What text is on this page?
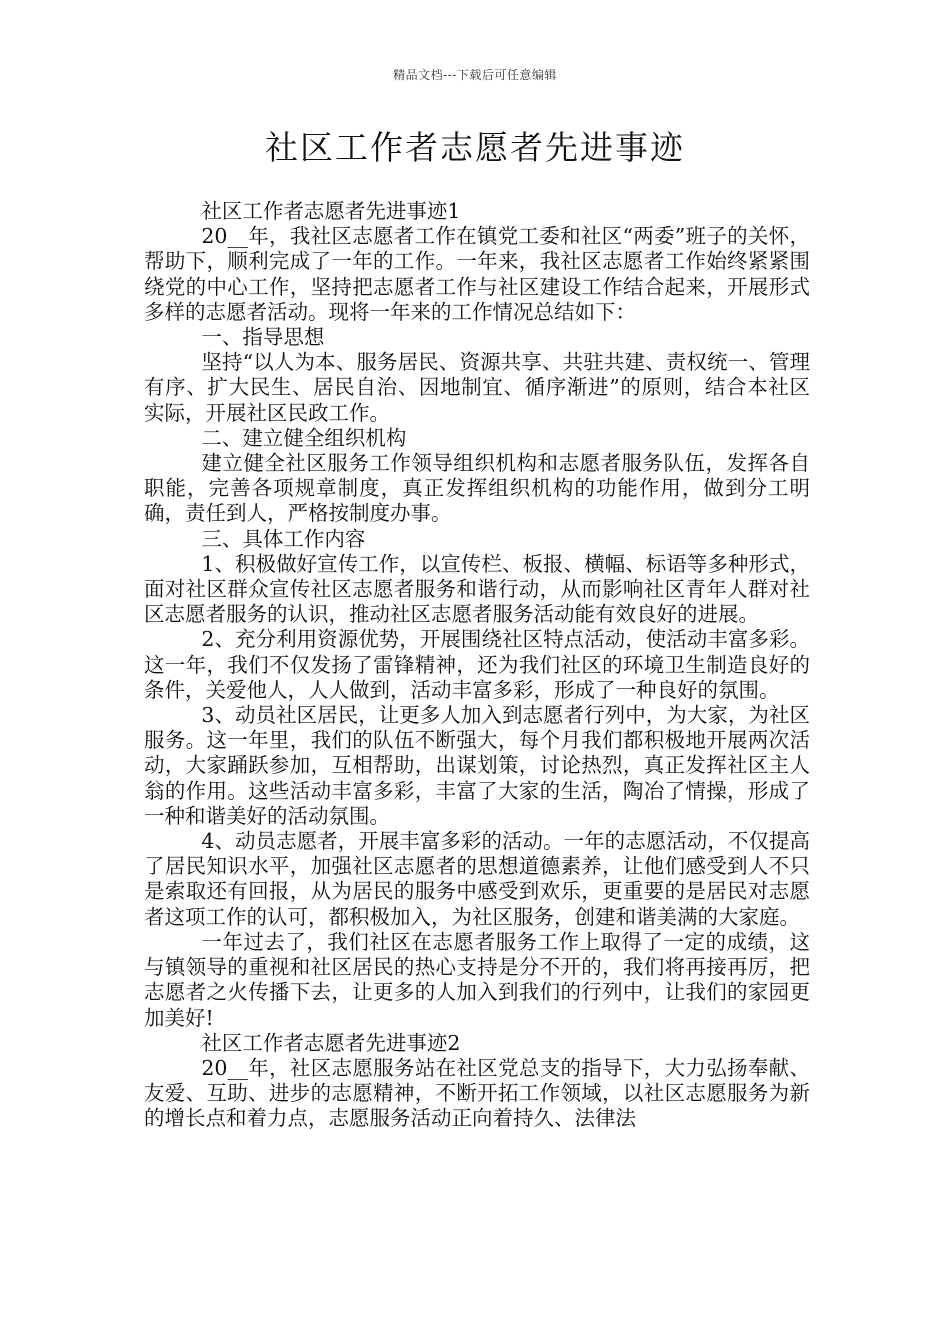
精品文档---下载后可任意编辑
社区工作者志愿者先进事迹

社区工作者志愿者先进事迹1

20__年，我社区志愿者工作在镇党工委和社区“两委”班子的关怀，帮助下，顺利完成了一年的工作。一年来，我社区志愿者工作始终紧紧围绕党的中心工作，坚持把志愿者工作与社区建设工作结合起来，开展形式多样的志愿者活动。现将一年来的工作情况总结如下：

一、指导思想

坚持“以人为本、服务居民、资源共享、共驻共建、责权统一、管理有序、扩大民生、居民自治、因地制宜、循序渐进”的原则，结合本社区实际，开展社区民政工作。

二、建立健全组织机构

建立健全社区服务工作领导组织机构和志愿者服务队伍，发挥各自职能，完善各项规章制度，真正发挥组织机构的功能作用，做到分工明确，责任到人，严格按制度办事。

三、具体工作内容

1、积极做好宣传工作，以宣传栏、板报、横幅、标语等多种形式，面对社区群众宣传社区志愿者服务和谐行动，从而影响社区青年人群对社区志愿者服务的认识，推动社区志愿者服务活动能有效良好的进展。

2、充分利用资源优势，开展围绕社区特点活动，使活动丰富多彩。这一年，我们不仅发扬了雷锋精神，还为我们社区的环境卫生制造良好的条件，关爱他人，人人做到，活动丰富多彩，形成了一种良好的氛围。

3、动员社区居民，让更多人加入到志愿者行列中，为大家，为社区服务。这一年里，我们的队伍不断强大，每个月我们都积极地开展两次活动，大家踊跃参加，互相帮助，出谋划策，讨论热烈，真正发挥社区主人翁的作用。这些活动丰富多彩，丰富了大家的生活，陶冶了情操，形成了一种和谐美好的活动氛围。

4、动员志愿者，开展丰富多彩的活动。一年的志愿活动，不仅提高了居民知识水平，加强社区志愿者的思想道德素养，让他们感受到人不只是索取还有回报，从为居民的服务中感受到欢乐，更重要的是居民对志愿者这项工作的认可，都积极加入，为社区服务，创建和谐美满的大家庭。

一年过去了，我们社区在志愿者服务工作上取得了一定的成绩，这与镇领导的重视和社区居民的热心支持是分不开的，我们将再接再厉，把志愿者之火传播下去，让更多的人加入到我们的行列中，让我们的家园更加美好!

社区工作者志愿者先进事迹2

20__年，社区志愿服务站在社区党总支的指导下，大力弘扬奉献、友爱、互助、进步的志愿精神，不断开拓工作领域，以社区志愿服务为新的增长点和着力点，志愿服务活动正向着持久、法律法
